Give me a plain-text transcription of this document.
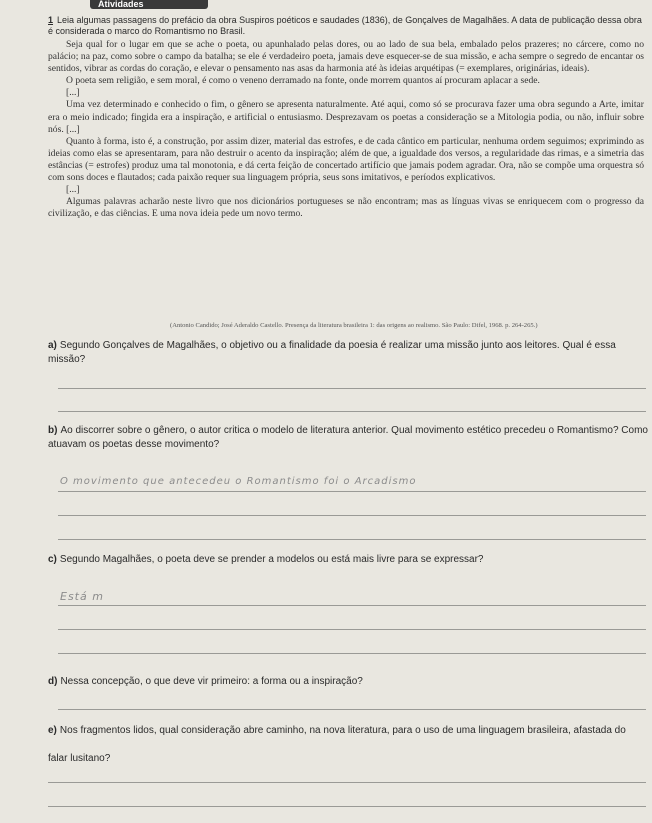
Atividades
1 Leia algumas passagens do prefácio da obra Suspiros poéticos e saudades (1836), de Gonçalves de Magalhães. A data de publicação dessa obra é considerada o marco do Romantismo no Brasil.

Seja qual for o lugar em que se ache o poeta, ou apunhalado pelas dores, ou ao lado de sua bela, embalado pelos prazeres; no cárcere, como no palácio; na paz, como sobre o campo da batalha; se ele é verdadeiro poeta, jamais deve esquecer-se de sua missão, e acha sempre o segredo de encantar os sentidos, vibrar as cordas do coração, e elevar o pensamento nas asas da harmonia até às ideias arquétipas (= exemplares, originárias, ideais).

O poeta sem religião, e sem moral, é como o veneno derramado na fonte, onde morrem quantos aí procuram aplacar a sede.

[...]

Uma vez determinado e conhecido o fim, o gênero se apresenta naturalmente. Até aqui, como só se procurava fazer uma obra segundo a Arte, imitar era o meio indicado; fingida era a inspiração, e artificial o entusiasmo. Desprezavam os poetas a consideração se a Mitologia podia, ou não, influir sobre nós. [...]

Quanto à forma, isto é, a construção, por assim dizer, material das estrofes, e de cada cântico em particular, nenhuma ordem seguimos; exprimindo as ideias como elas se apresentaram, para não destruir o acento da inspiração; além de que, a igualdade dos versos, a regularidade das rimas, e a simetria das estâncias (= estrofes) produz uma tal monotonia, e dá certa feição de concertado artifício que jamais podem agradar. Ora, não se compõe uma orquestra só com sons doces e flautados; cada paixão requer sua linguagem própria, seus sons imitativos, e períodos explicativos.

[...]

Algumas palavras acharão neste livro que nos dicionários portugueses se não encontram; mas as línguas vivas se enriquecem com o progresso da civilização, e das ciências. E uma nova ideia pede um novo termo.

(Antonio Candido; José Aderaldo Castello. Presença da literatura brasileira 1: das origens ao realismo. São Paulo: Difel, 1968. p. 264-265.)
a) Segundo Gonçalves de Magalhães, o objetivo ou a finalidade da poesia é realizar uma missão junto aos leitores. Qual é essa missão?
b) Ao discorrer sobre o gênero, o autor critica o modelo de literatura anterior. Qual movimento estético precedeu o Romantismo? Como atuavam os poetas desse movimento?
O movimento que antecedeu o Romantismo foi o Arcadismo
c) Segundo Magalhães, o poeta deve se prender a modelos ou está mais livre para se expressar?
Está m
d) Nessa concepção, o que deve vir primeiro: a forma ou a inspiração?
e) Nos fragmentos lidos, qual consideração abre caminho, na nova literatura, para o uso de uma linguagem brasileira, afastada do falar lusitano?
